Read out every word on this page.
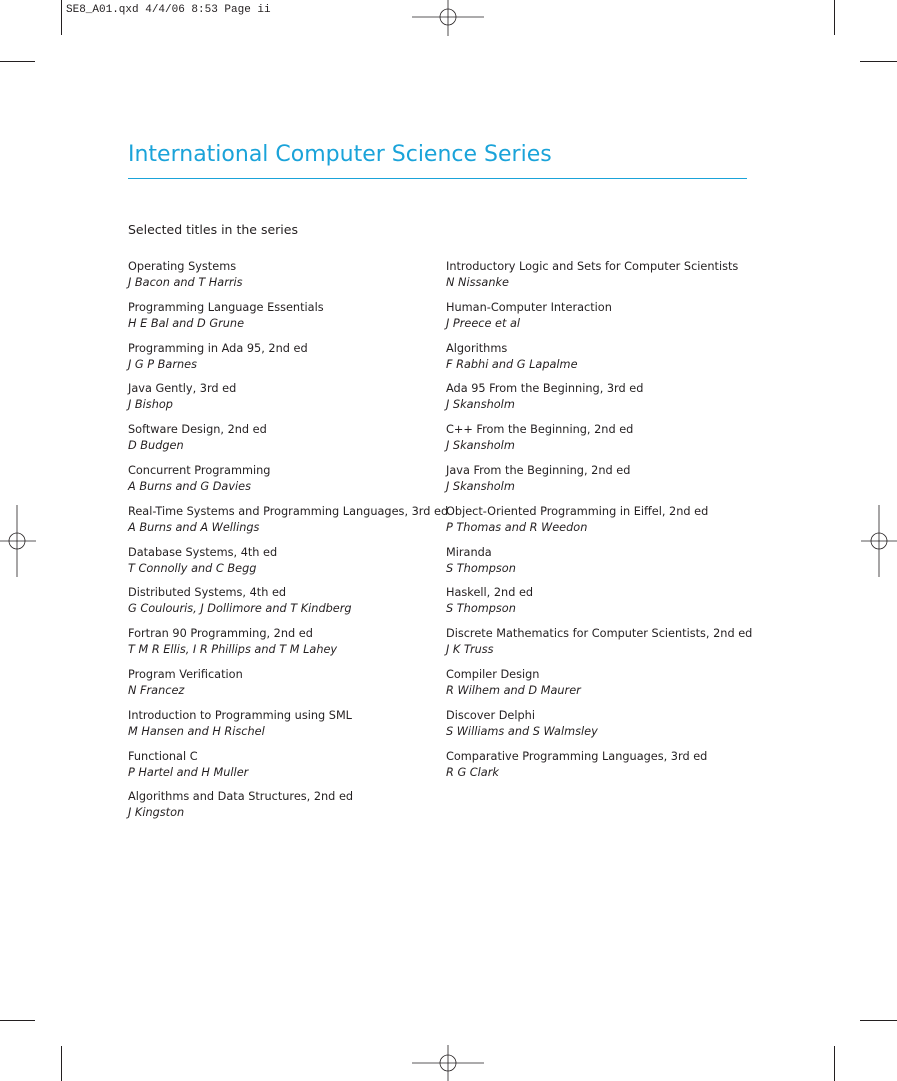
SE8_A01.qxd 4/4/06 8:53 Page ii
International Computer Science Series
Selected titles in the series
Operating Systems
J Bacon and T Harris
Programming Language Essentials
H E Bal and D Grune
Programming in Ada 95, 2nd ed
J G P Barnes
Java Gently, 3rd ed
J Bishop
Software Design, 2nd ed
D Budgen
Concurrent Programming
A Burns and G Davies
Real-Time Systems and Programming Languages, 3rd ed
A Burns and A Wellings
Database Systems, 4th ed
T Connolly and C Begg
Distributed Systems, 4th ed
G Coulouris, J Dollimore and T Kindberg
Fortran 90 Programming, 2nd ed
T M R Ellis, I R Phillips and T M Lahey
Program Verification
N Francez
Introduction to Programming using SML
M Hansen and H Rischel
Functional C
P Hartel and H Muller
Algorithms and Data Structures, 2nd ed
J Kingston
Introductory Logic and Sets for Computer Scientists
N Nissanke
Human-Computer Interaction
J Preece et al
Algorithms
F Rabhi and G Lapalme
Ada 95 From the Beginning, 3rd ed
J Skansholm
C++ From the Beginning, 2nd ed
J Skansholm
Java From the Beginning, 2nd ed
J Skansholm
Object-Oriented Programming in Eiffel, 2nd ed
P Thomas and R Weedon
Miranda
S Thompson
Haskell, 2nd ed
S Thompson
Discrete Mathematics for Computer Scientists, 2nd ed
J K Truss
Compiler Design
R Wilhem and D Maurer
Discover Delphi
S Williams and S Walmsley
Comparative Programming Languages, 3rd ed
R G Clark
